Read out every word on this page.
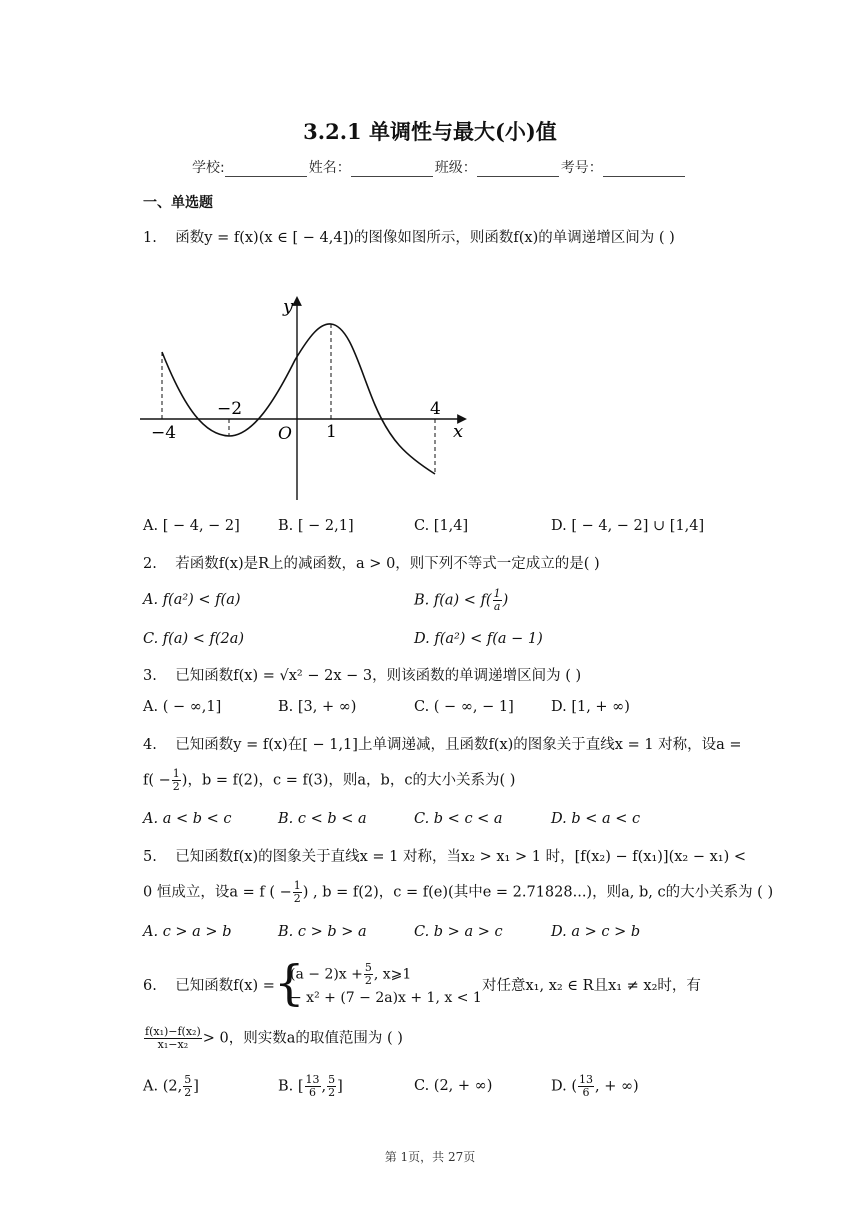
3.2.1 单调性与最大(小)值
学校:	姓名：	班级：	考号：
一、单选题
1. 函数y = f(x)(x ∈ [ − 4,4])的图像如图所示，则函数f(x)的单调递增区间为 ( )
−4
−2
O 1
4
x
y
A. [ − 4, − 2]	B. [ − 2,1]	C. [1,4]	D. [ − 4, − 2] ∪ [1,4]
2. 若函数f(x)是R上的减函数，a > 0，则下列不等式一定成立的是( )
A. f(a²) < f(a)	B. $f(a) < f( \frac{1}{a}$ )
C. f(a) < f(2a)	D. f(a²) < f(a − 1)
3. 已知函数f(x) = √x² − 2x − 3，则该函数的单调递增区间为 ( )
A. ( − ∞,1]	B. [3, + ∞)	C. ( − ∞, − 1]	D. [1, + ∞)
4. 已知函数y = f(x)在[ − 1,1]上单调递减，且函数f(x)的图象关于直线x = 1 对称，设a =
$f( - \frac{1}{2}$ )，b = f(2)，c = f(3)，则a，b，c的大小关系为( )
A. a < b < c	B. c < b < a	C. b < c < a	D. b < a < c
5. 已知函数f(x)的图象关于直线x = 1 对称，当x₂ > x₁ > 1 时，[f(x₂) − f(x₁)](x₂ − x₁) <
0 恒成立，设a = f ( − $\frac{1}{2}$ ) , b = f(2)，c = f(e)(其中e = 2.71828...)，则a, b, c的大小关系为 ( )
A. c > a > b	B. c > b > a	C. b > a > c	D. a > c > b
6. 已知函数f(x) = {
$(a - 2)x + \frac{5}{2}$ , x⩾1
− x² + (7 − 2a)x + 1, x < 1
对任意x₁, x₂ ∈ R且x₁ ≠ x₂时，有
$\frac{\text{f(x₁)−f(x₂)}}{\text{x₁−x₂}} > 0$，则实数a的取值范围为 ( )
A. (2, $\frac{5}{2}$ ]	B. [ $\frac{13}{6}$ , $\frac{5}{2}$ ]	C. (2, + ∞)	D. ( $\frac{13}{6}$ , + ∞)
第 1页，共 27页
